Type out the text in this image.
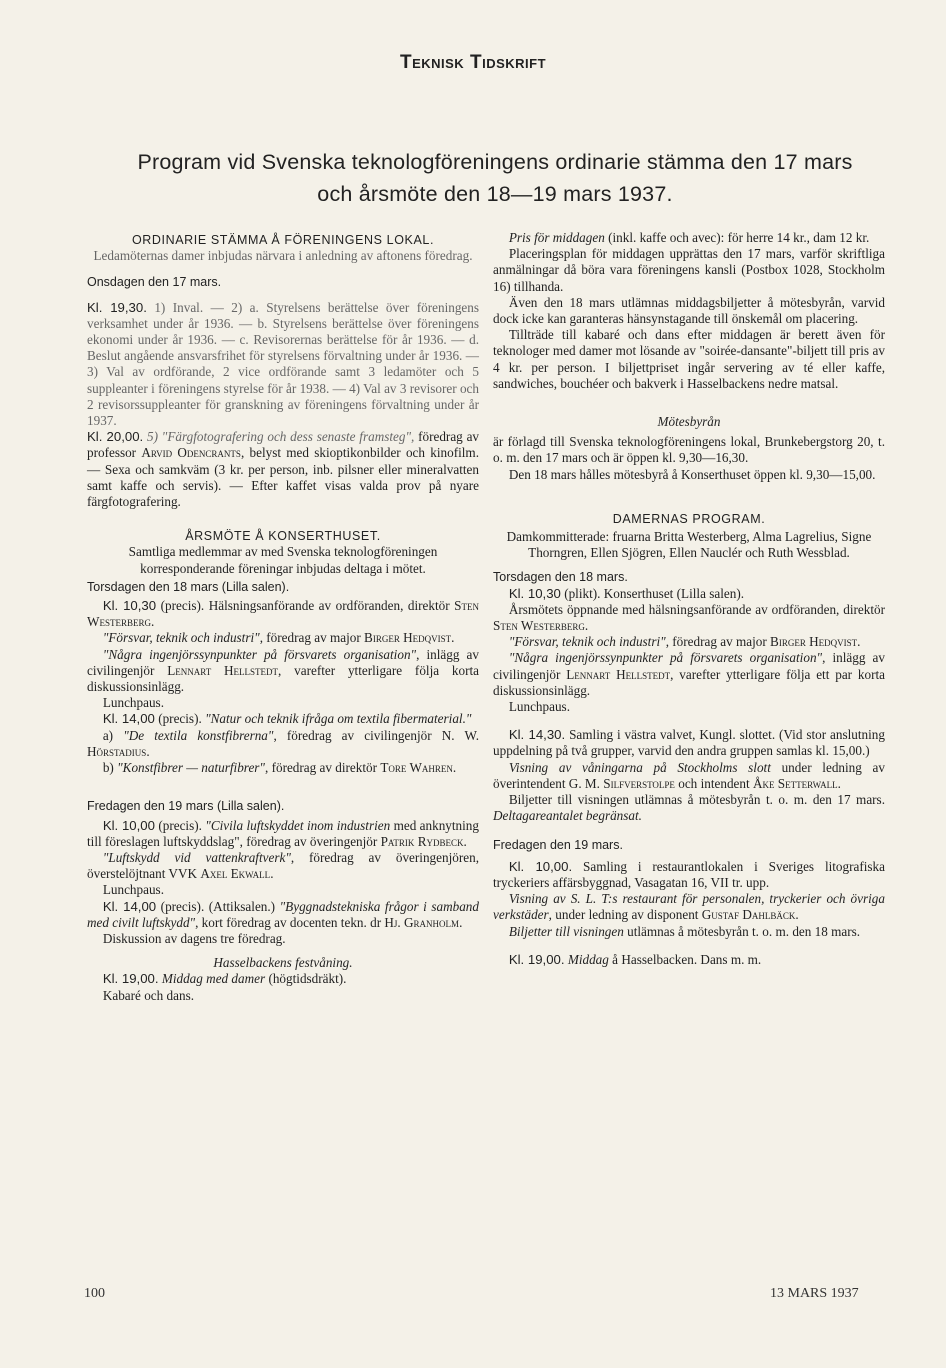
Teknisk Tidskrift
Program vid Svenska teknologföreningens ordinarie stämma den 17 mars
och årsmöte den 18—19 mars 1937.

ORDINARIE STÄMMA Å FÖRENINGENS LOKAL.

Ledamöternas damer inbjudas närvara i anledning av aftonens föredrag.

Onsdagen den 17 mars.

Kl. 19,30. 1) Inval. — 2) a. Styrelsens berättelse över föreningens verksamhet under år 1936. — b. Styrelsens berättelse över föreningens ekonomi under år 1936. — c. Revisorernas berättelse för år 1936. — d. Beslut angående ansvarsfrihet för styrelsens förvaltning under år 1936. — 3) Val av ordförande, 2 vice ordförande samt 3 ledamöter och 5 suppleanter i föreningens styrelse för år 1938. — 4) Val av 3 revisorer och 2 revisorssuppleanter för granskning av föreningens förvaltning under år 1937.

Kl. 20,00. 5) "Färgfotografering och dess senaste framsteg", föredrag av professor Arvid Odencrants, belyst med skioptikonbilder och kinofilm. — Sexa och samkväm (3 kr. per person, inb. pilsner eller mineralvatten samt kaffe och servis). — Efter kaffet visas valda prov på nyare färgfotografering.

ÅRSMÖTE Å KONSERTHUSET.

Samtliga medlemmar av med Svenska teknologföreningen korresponderande föreningar inbjudas deltaga i mötet.

Torsdagen den 18 mars (Lilla salen).

Kl. 10,30 (precis). Hälsningsanförande av ordföranden, direktör Sten Westerberg.

"Försvar, teknik och industri", föredrag av major Birger Hedqvist.

"Några ingenjörssynpunkter på försvarets organisation", inlägg av civilingenjör Lennart Hellstedt, varefter ytterligare följa korta diskussionsinlägg.

Lunchpaus.

Kl. 14,00 (precis). "Natur och teknik ifråga om textila fibermaterial."

a) "De textila konstfibrerna", föredrag av civilingenjör N. W. Hörstadius.

b) "Konstfibrer — naturfibrer", föredrag av direktör Tore Wahren.

Fredagen den 19 mars (Lilla salen).

Kl. 10,00 (precis). "Civila luftskyddet inom industrien med anknytning till föreslagen luftskyddslag", föredrag av överingenjör Patrik Rydbeck.

"Luftskydd vid vattenkraftverk", föredrag av överingenjören, överstelöjtnant VVK Axel Ekwall.

Lunchpaus.

Kl. 14,00 (precis). (Attiksalen.) "Byggnadstekniska frågor i samband med civilt luftskydd", kort föredrag av docenten tekn. dr Hj. Granholm.

Diskussion av dagens tre föredrag.

Hasselbackens festvåning.

Kl. 19,00. Middag med damer (högtidsdräkt).

Kabaré och dans.

Pris för middagen (inkl. kaffe och avec): för herre 14 kr., dam 12 kr.

Placeringsplan för middagen upprättas den 17 mars, varför skriftliga anmälningar då böra vara föreningens kansli (Postbox 1028, Stockholm 16) tillhanda.

Även den 18 mars utlämnas middagsbiljetter å mötesbyrån, varvid dock icke kan garanteras hänsynstagande till önskemål om placering.

Tillträde till kabaré och dans efter middagen är berett även för teknologer med damer mot lösande av "soirée-dansante"-biljett till pris av 4 kr. per person. I biljettpriset ingår servering av té eller kaffe, sandwiches, bouchéer och bakverk i Hasselbackens nedre matsal.

Mötesbyrån

är förlagd till Svenska teknologföreningens lokal, Brunkebergstorg 20, t. o. m. den 17 mars och är öppen kl. 9,30—16,30.

Den 18 mars hålles mötesbyrå å Konserthuset öppen kl. 9,30—15,00.

DAMERNAS PROGRAM.

Damkommitterade: fruarna Britta Westerberg, Alma Lagrelius, Signe Thorngren, Ellen Sjögren, Ellen Nauclér och Ruth Wessblad.

Torsdagen den 18 mars.

Kl. 10,30 (plikt). Konserthuset (Lilla salen).

Årsmötets öppnande med hälsningsanförande av ordföranden, direktör Sten Westerberg.

"Försvar, teknik och industri", föredrag av major Birger Hedqvist.

"Några ingenjörssynpunkter på försvarets organisation", inlägg av civilingenjör Lennart Hellstedt, varefter ytterligare följa ett par korta diskussionsinlägg.

Lunchpaus.

Kl. 14,30. Samling i västra valvet, Kungl. slottet. (Vid stor anslutning uppdelning på två grupper, varvid den andra gruppen samlas kl. 15,00.)

Visning av våningarna på Stockholms slott under ledning av överintendent G. M. Silfverstolpe och intendent Åke Setterwall.

Biljetter till visningen utlämnas å mötesbyrån t. o. m. den 17 mars. Deltagareantalet begränsat.

Fredagen den 19 mars.

Kl. 10,00. Samling i restaurantlokalen i Sveriges litografiska tryckeriers affärsbyggnad, Vasagatan 16, VII tr. upp.

Visning av S. L. T:s restaurant för personalen, tryckerier och övriga verkstäder, under ledning av disponent Gustaf Dahlbäck.

Biljetter till visningen utlämnas å mötesbyrån t. o. m. den 18 mars.

Kl. 19,00. Middag å Hasselbacken. Dans m. m.

100	13 MARS 1937
